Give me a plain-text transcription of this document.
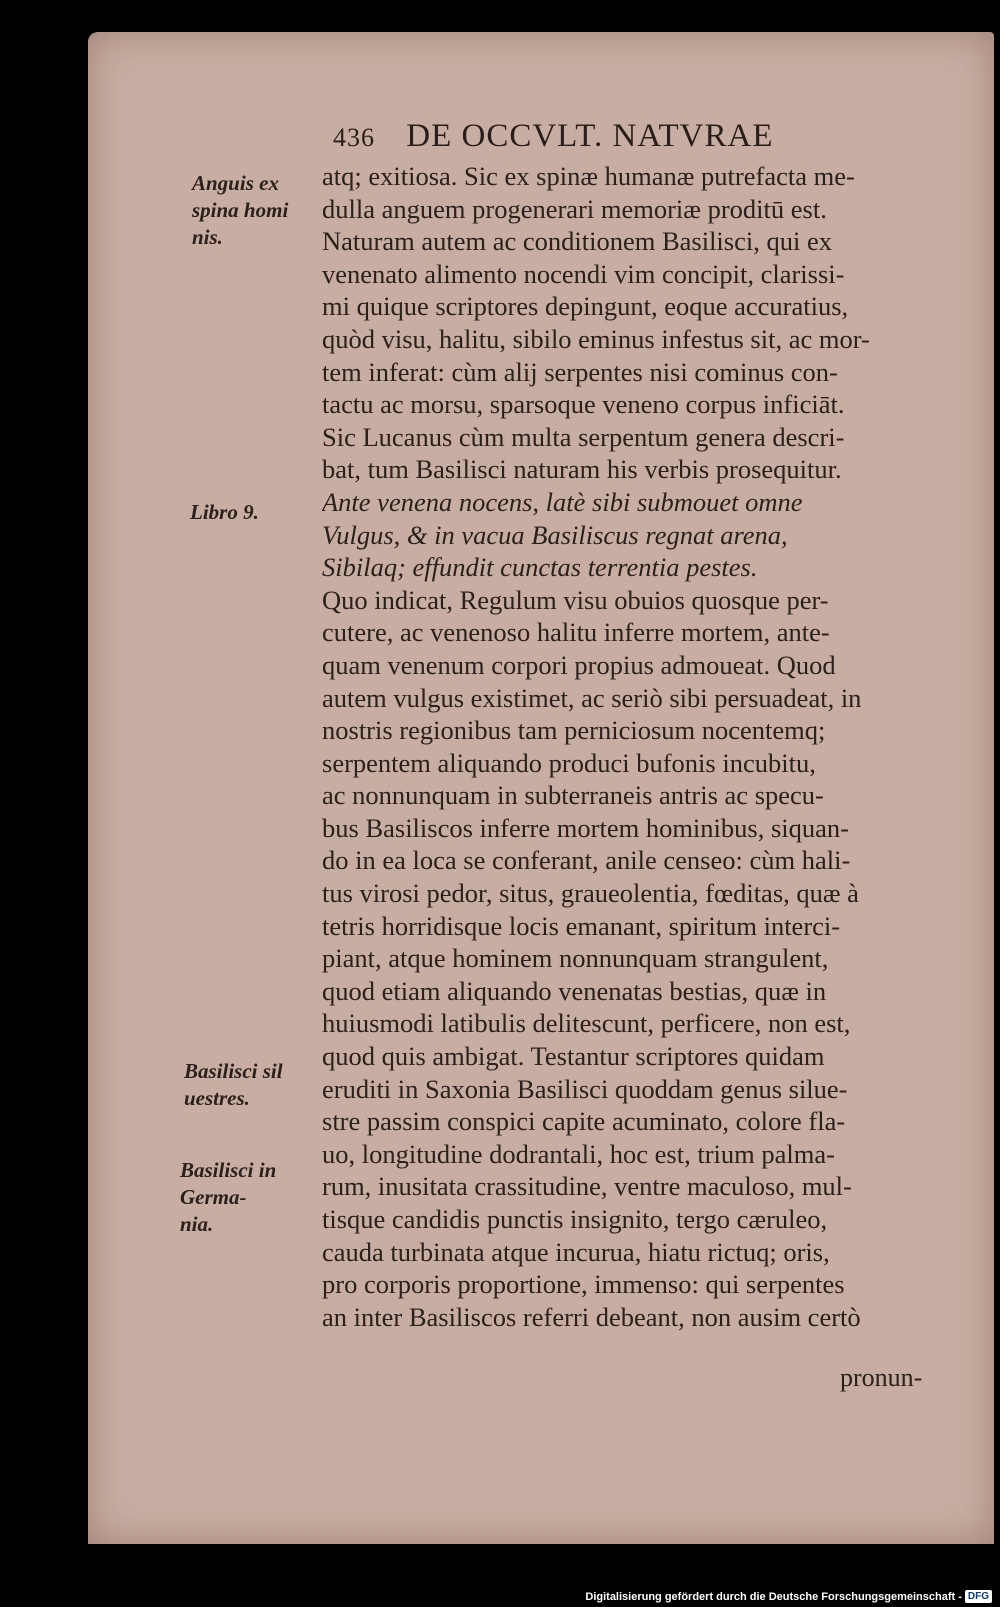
436 DE OCCVLT. NATVRAE
Anguis ex
spina homi
nis.
Libro 9.
Basilisci sil
uestres.
Basilisci in
Germa-
nia.
atq; exitiosa. Sic ex spinæ humanæ putrefacta me-
dulla anguem progenerari memoriæ proditū est.
Naturam autem ac conditionem Basilisci, qui ex
venenato alimento nocendi vim concipit, clarissi-
mi quique scriptores depingunt, eoque accuratius,
quòd visu, halitu, sibilo eminus infestus sit, ac mor-
tem inferat: cùm alij serpentes nisi cominus con-
tactu ac morsu, sparsoque veneno corpus inficiāt.
Sic Lucanus cùm multa serpentum genera descri-
bat, tum Basilisci naturam his verbis prosequitur.
Ante venena nocens, latè sibi submouet omne
Vulgus, & in vacua Basiliscus regnat arena,
Sibilaq; effundit cunctas terrentia pestes.
Quo indicat, Regulum visu obuios quosque per-
cutere, ac venenoso halitu inferre mortem, ante-
quam venenum corpori propius admoueat. Quod
autem vulgus existimet, ac seriò sibi persuadeat, in
nostris regionibus tam perniciosum nocentemq;
serpentem aliquando produci bufonis incubitu,
ac nonnunquam in subterraneis antris ac specu-
bus Basiliscos inferre mortem hominibus, siquan-
do in ea loca se conferant, anile censeo: cùm hali-
tus virosi pedor, situs, graueolentia, fœditas, quæ à
tetris horridisque locis emanant, spiritum interci-
piant, atque hominem nonnunquam strangulent,
quod etiam aliquando venenatas bestias, quæ in
huiusmodi latibulis delitescunt, perficere, non est,
quod quis ambigat. Testantur scriptores quidam
eruditi in Saxonia Basilisci quoddam genus silue-
stre passim conspici capite acuminato, colore fla-
uo, longitudine dodrantali, hoc est, trium palma-
rum, inusitata crassitudine, ventre maculoso, mul-
tisque candidis punctis insignito, tergo cæruleo,
cauda turbinata atque incurua, hiatu rictuq; oris,
pro corporis proportione, immenso: qui serpentes
an inter Basiliscos referri debeant, non ausim certò
pronun-
Digitalisierung gefördert durch die Deutsche Forschungsgemeinschaft - DFG
